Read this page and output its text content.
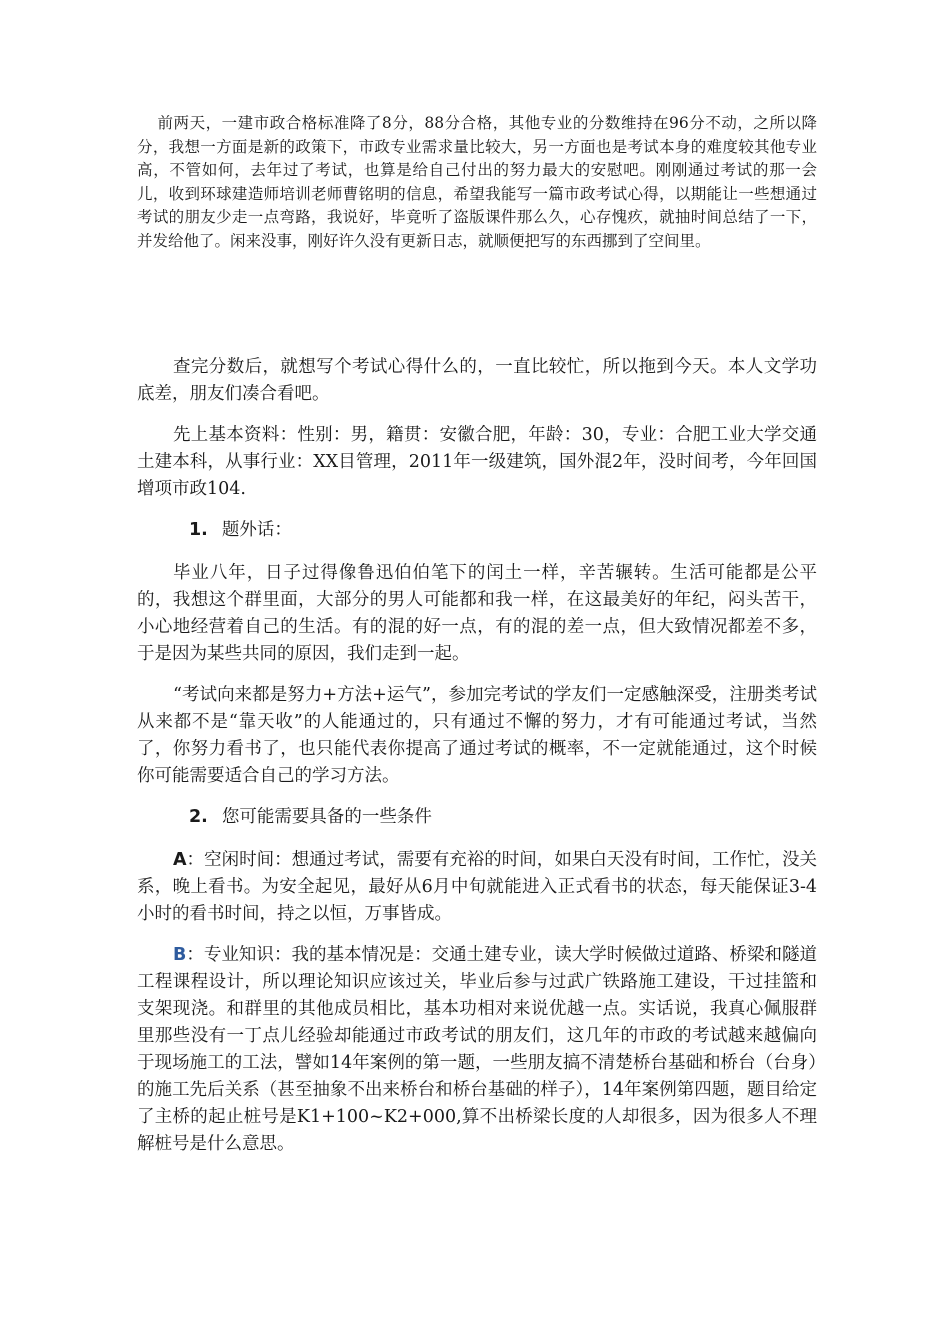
前两天，一建市政合格标准降了8分，88分合格，其他专业的分数维持在96分不动，之所以降分，我想一方面是新的政策下，市政专业需求量比较大，另一方面也是考试本身的难度较其他专业高，不管如何，去年过了考试，也算是给自己付出的努力最大的安慰吧。刚刚通过考试的那一会儿，收到环球建造师培训老师曹铭明的信息，希望我能写一篇市政考试心得，以期能让一些想通过考试的朋友少走一点弯路，我说好，毕竟听了盗版课件那么久，心存愧疚，就抽时间总结了一下，并发给他了。闲来没事，刚好许久没有更新日志，就顺便把写的东西挪到了空间里。

查完分数后，就想写个考试心得什么的，一直比较忙，所以拖到今天。本人文学功底差，朋友们凑合看吧。

先上基本资料：性别：男，籍贯：安徽合肥，年龄：30，专业：合肥工业大学交通土建本科，从事行业：XX目管理，2011年一级建筑，国外混2年，没时间考，今年回国增项市政104.

1. 题外话：

毕业八年，日子过得像鲁迅伯伯笔下的闰土一样，辛苦辗转。生活可能都是公平的，我想这个群里面，大部分的男人可能都和我一样，在这最美好的年纪，闷头苦干，小心地经营着自己的生活。有的混的好一点，有的混的差一点，但大致情况都差不多，于是因为某些共同的原因，我们走到一起。

“考试向来都是努力+方法+运气”，参加完考试的学友们一定感触深受，注册类考试从来都不是“靠天收”的人能通过的，只有通过不懈的努力，才有可能通过考试，当然了，你努力看书了，也只能代表你提高了通过考试的概率，不一定就能通过，这个时候你可能需要适合自己的学习方法。

2. 您可能需要具备的一些条件

A：空闲时间：想通过考试，需要有充裕的时间，如果白天没有时间，工作忙，没关系，晚上看书。为安全起见，最好从6月中旬就能进入正式看书的状态，每天能保证3-4小时的看书时间，持之以恒，万事皆成。

B：专业知识：我的基本情况是：交通土建专业，读大学时候做过道路、桥梁和隧道工程课程设计，所以理论知识应该过关，毕业后参与过武广铁路施工建设，干过挂篮和支架现浇。和群里的其他成员相比，基本功相对来说优越一点。实话说，我真心佩服群里那些没有一丁点儿经验却能通过市政考试的朋友们，这几年的市政的考试越来越偏向于现场施工的工法，譬如14年案例的第一题，一些朋友搞不清楚桥台基础和桥台（台身）的施工先后关系（甚至抽象不出来桥台和桥台基础的样子），14年案例第四题，题目给定了主桥的起止桩号是K1+100~K2+000,算不出桥梁长度的人却很多，因为很多人不理解桩号是什么意思。
